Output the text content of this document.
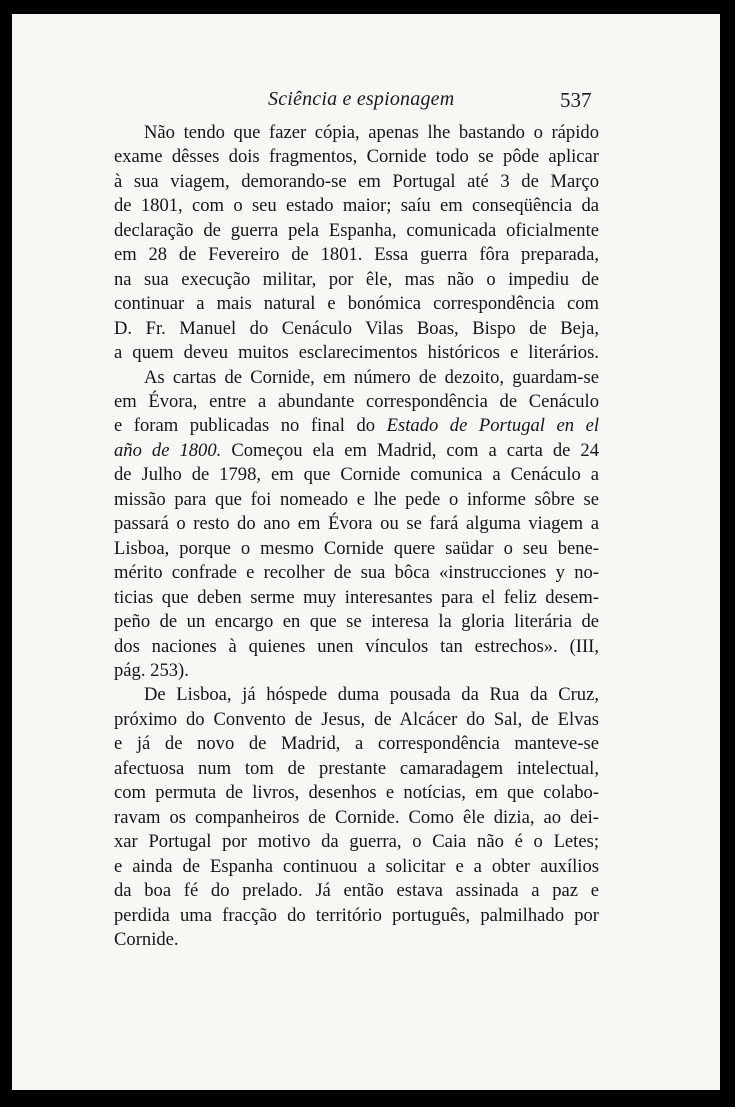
Sciência e espionagem	537
Não tendo que fazer cópia, apenas lhe bastando o rápido
exame dêsses dois fragmentos, Cornide todo se pôde aplicar
à sua viagem, demorando-se em Portugal até 3 de Março
de 1801, com o seu estado maior; saíu em conseqüência da
declaração de guerra pela Espanha, comunicada oficialmente
em 28 de Fevereiro de 1801. Essa guerra fôra preparada,
na sua execução militar, por êle, mas não o impediu de
continuar a mais natural e bonómica correspondência com
D. Fr. Manuel do Cenáculo Vilas Boas, Bispo de Beja,
a quem deveu muitos esclarecimentos históricos e literários.
As cartas de Cornide, em número de dezoito, guardam-se
em Évora, entre a abundante correspondência de Cenáculo
e foram publicadas no final do Estado de Portugal en el
año de 1800. Começou ela em Madrid, com a carta de 24
de Julho de 1798, em que Cornide comunica a Cenáculo a
missão para que foi nomeado e lhe pede o informe sôbre se
passará o resto do ano em Évora ou se fará alguma viagem a
Lisboa, porque o mesmo Cornide quere saüdar o seu bene-
mérito confrade e recolher de sua bôca «instrucciones y no-
ticias que deben serme muy interesantes para el feliz desem-
peño de un encargo en que se interesa la gloria literária de
dos naciones à quienes unen vínculos tan estrechos». (III,
pág. 253).
De Lisboa, já hóspede duma pousada da Rua da Cruz,
próximo do Convento de Jesus, de Alcácer do Sal, de Elvas
e já de novo de Madrid, a correspondência manteve-se
afectuosa num tom de prestante camaradagem intelectual,
com permuta de livros, desenhos e notícias, em que colabo-
ravam os companheiros de Cornide. Como êle dizia, ao dei-
xar Portugal por motivo da guerra, o Caia não é o Letes;
e ainda de Espanha continuou a solicitar e a obter auxílios
da boa fé do prelado. Já então estava assinada a paz e
perdida uma fracção do território português, palmilhado por
Cornide.
